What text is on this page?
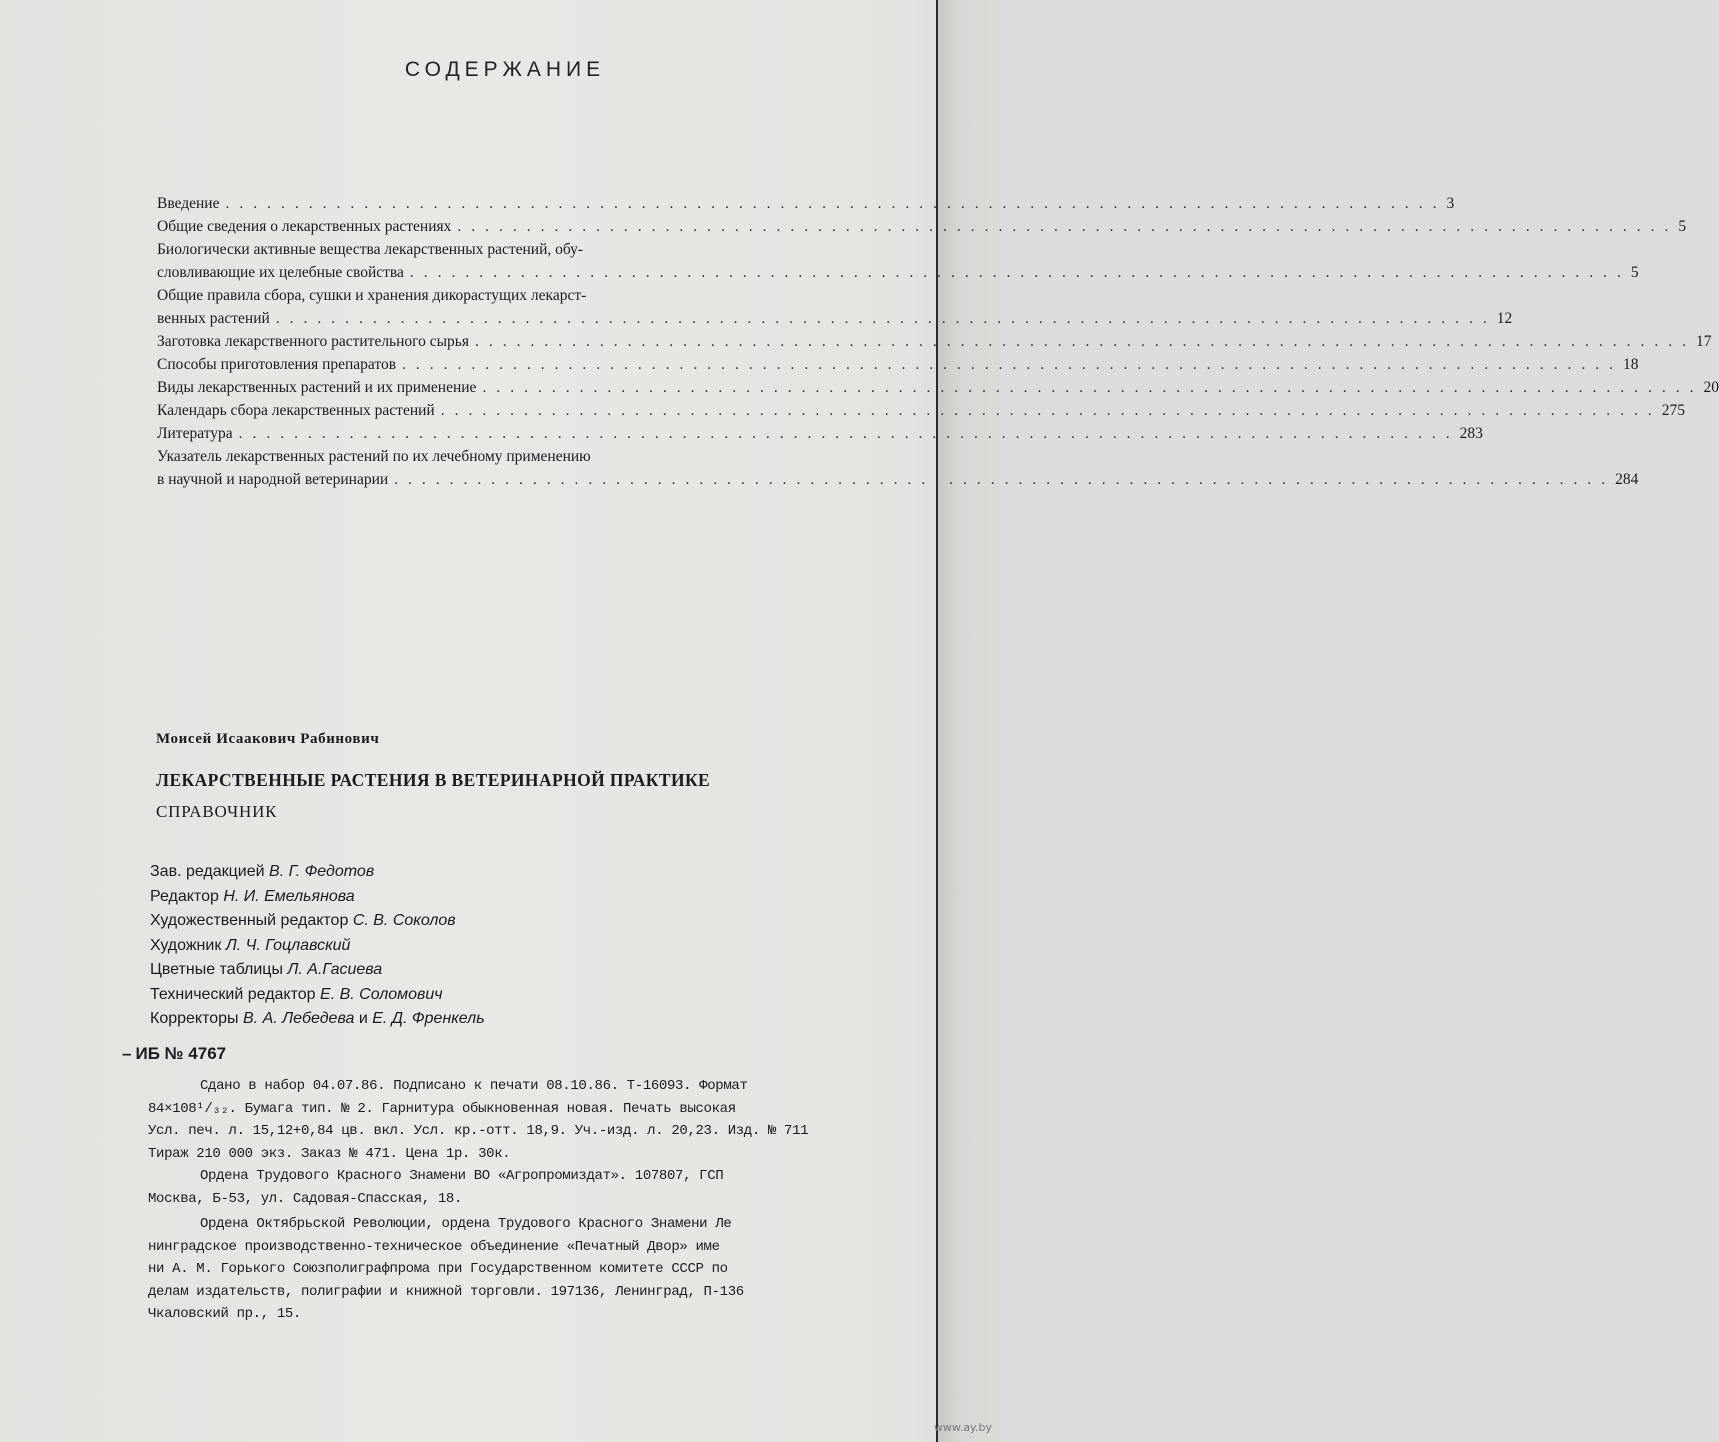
СОДЕРЖАНИЕ
Введение ........................................................................................ 3
Общие сведения о лекарственных растениях ........................................................................................ 5
Биологически активные вещества лекарственных растений, обу-
словливающие их целебные свойства ........................................................................................ 5
Общие правила сбора, сушки и хранения дикорастущих лекарст-
венных растений ........................................................................................ 12
Заготовка лекарственного растительного сырья ........................................................................................ 17
Способы приготовления препаратов ........................................................................................ 18
Виды лекарственных растений и их применение ........................................................................................ 20
Календарь сбора лекарственных растений ........................................................................................ 275
Литература ........................................................................................ 283
Указатель лекарственных растений по их лечебному применению
в научной и народной ветеринарии ........................................................................................ 284
Моисей Исаакович Рабинович
ЛЕКАРСТВЕННЫЕ РАСТЕНИЯ В ВЕТЕРИНАРНОЙ ПРАКТИКЕ
СПРАВОЧНИК
Зав. редакцией В. Г. Федотов
Редактор Н. И. Емельянова
Художественный редактор С. В. Соколов
Художник Л. Ч. Гоцлавский
Цветные таблицы Л. А.Гасиева
Технический редактор Е. В. Соломович
Корректоры В. А. Лебедева и Е. Д. Френкель
– ИБ № 4767
Сдано в набор 04.07.86. Подписано к печати 08.10.86. Т-16093. Формат
84×108¹/₃₂. Бумага тип. № 2. Гарнитура обыкновенная новая. Печать высокая
Усл. печ. л. 15,12+0,84 цв. вкл. Усл. кр.-отт. 18,9. Уч.-изд. л. 20,23. Изд. № 711
Тираж 210 000 экз. Заказ № 471. Цена 1р. 30к.
Ордена Трудового Красного Знамени ВО «Агропромиздат». 107807, ГСП
Москва, Б-53, ул. Садовая-Спасская, 18.
Ордена Октябрьской Революции, ордена Трудового Красного Знамени Ле
нинградское производственно-техническое объединение «Печатный Двор» име
ни А. М. Горького Союзполиграфпрома при Государственном комитете СССР по
делам издательств, полиграфии и книжной торговли. 197136, Ленинград, П-136
Чкаловский пр., 15.
www.ay.by
